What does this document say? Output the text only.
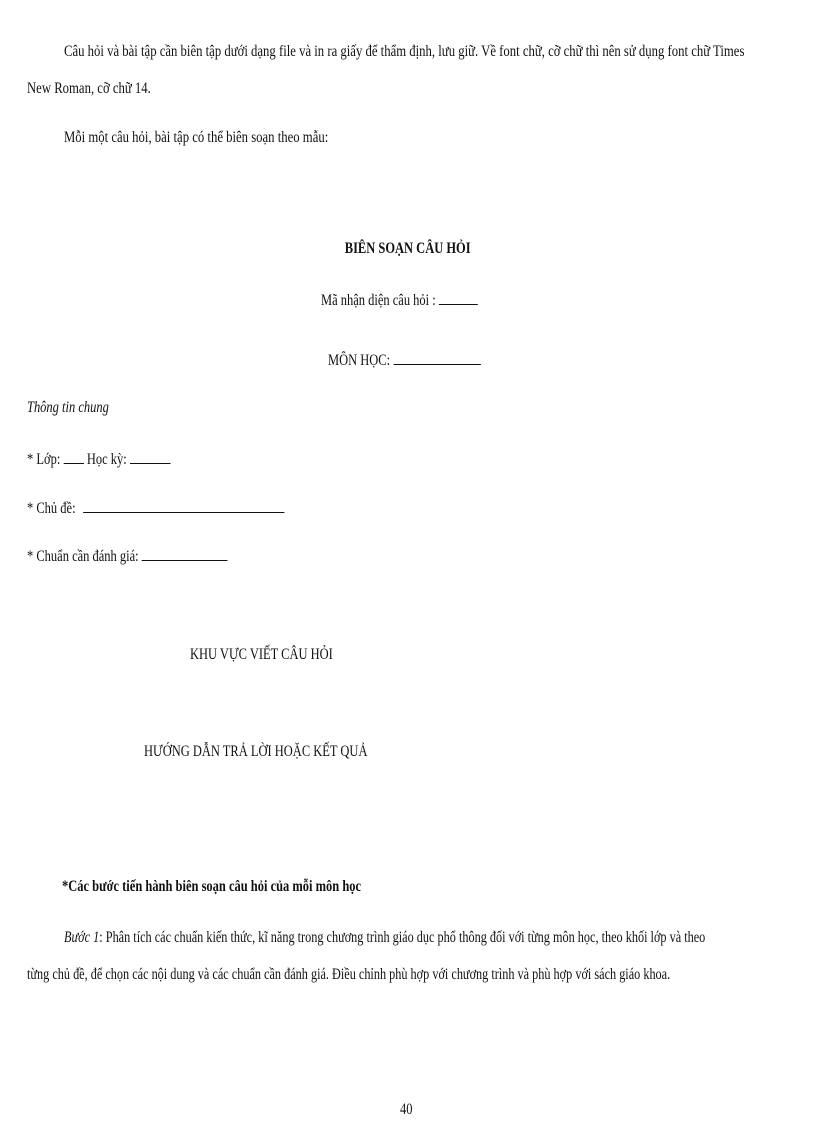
Câu hỏi và bài tập cần biên tập dưới dạng file và in ra giấy để thẩm định, lưu giữ. Về font chữ, cỡ chữ thì nên sử dụng font chữ Times
New Roman, cỡ chữ 14.
Mỗi một câu hỏi, bài tập có thể biên soạn theo mẫu:
BIÊN SOẠN CÂU HỎI
Mã nhận diện câu hỏi :
MÔN HỌC:
Thông tin chung
* Lớp: Học kỳ:
* Chủ đề:
* Chuẩn cần đánh giá:
KHU VỰC VIẾT CÂU HỎI
HƯỚNG DẪN TRẢ LỜI HOẶC KẾT QUẢ
*Các bước tiến hành biên soạn câu hỏi của mỗi môn học
Bước 1: Phân tích các chuẩn kiến thức, kĩ năng trong chương trình giáo dục phổ thông đối với từng môn học, theo khối lớp và theo
từng chủ đề, để chọn các nội dung và các chuẩn cần đánh giá. Điều chỉnh phù hợp với chương trình và phù hợp với sách giáo khoa.
40
